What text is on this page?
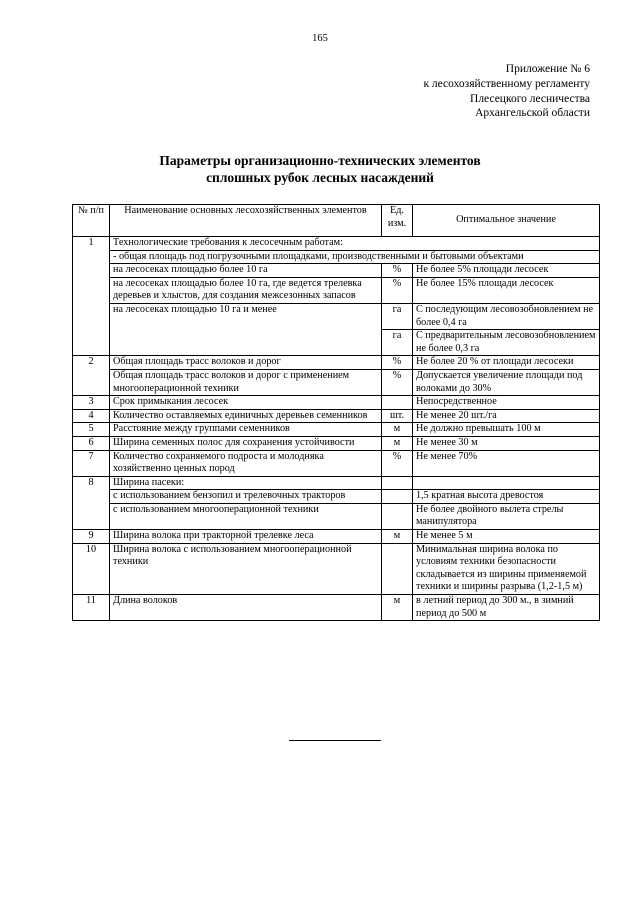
165
Приложение № 6
к лесохозяйственному регламенту
Плесецкого лесничества
Архангельской области
Параметры организационно-технических элементов
сплошных рубок лесных насаждений
№ п/п	Наименование основных лесохозяйственных элементов	Ед. изм.	Оптимальное значение
1	Технологические требования к лесосечным работам:		
	- общая площадь под погрузочными площадками, производственными и бытовыми объектами		
	на лесосеках площадью более 10 га	%	Не более 5% площади лесосек
	на лесосеках площадью более 10 га, где ведется трелевка деревьев и хлыстов, для создания межсезонных запасов	%	Не более 15% площади лесосек
	на лесосеках площадью 10 га и менее	га	С последующим лесовозобновлением не более 0,4 га
		га	С предварительным лесовозобновлением не более 0,3 га
2	Общая площадь трасс волоков и дорог	%	Не более 20 % от площади лесосеки
	Общая площадь трасс волоков и дорог с применением многооперационной техники	%	Допускается увеличение площади под волоками до 30%
3	Срок примыкания лесосек		Непосредственное
4	Количество оставляемых единичных деревьев семенников	шт.	Не менее 20 шт./га
5	Расстояние между группами семенников	м	Не должно превышать 100 м
6	Ширина семенных полос для сохранения устойчивости	м	Не менее 30 м
7	Количество сохраняемого подроста и молодняка хозяйственно ценных пород	%	Не менее 70%
8	Ширина пасеки:		
	с использованием бензопил и трелевочных тракторов		1,5 кратная высота древостоя
	с использованием многооперационной техники		Не более двойного вылета стрелы манипулятора
9	Ширина волока при тракторной трелевке леса	м	Не менее 5 м
10	Ширина волока с использованием многооперационной техники		Минимальная ширина волока по условиям техники безопасности складывается из ширины применяемой техники и ширины разрыва (1,2-1,5 м)
11	Длина волоков	м	в летний период до 300 м., в зимний период до 500 м
